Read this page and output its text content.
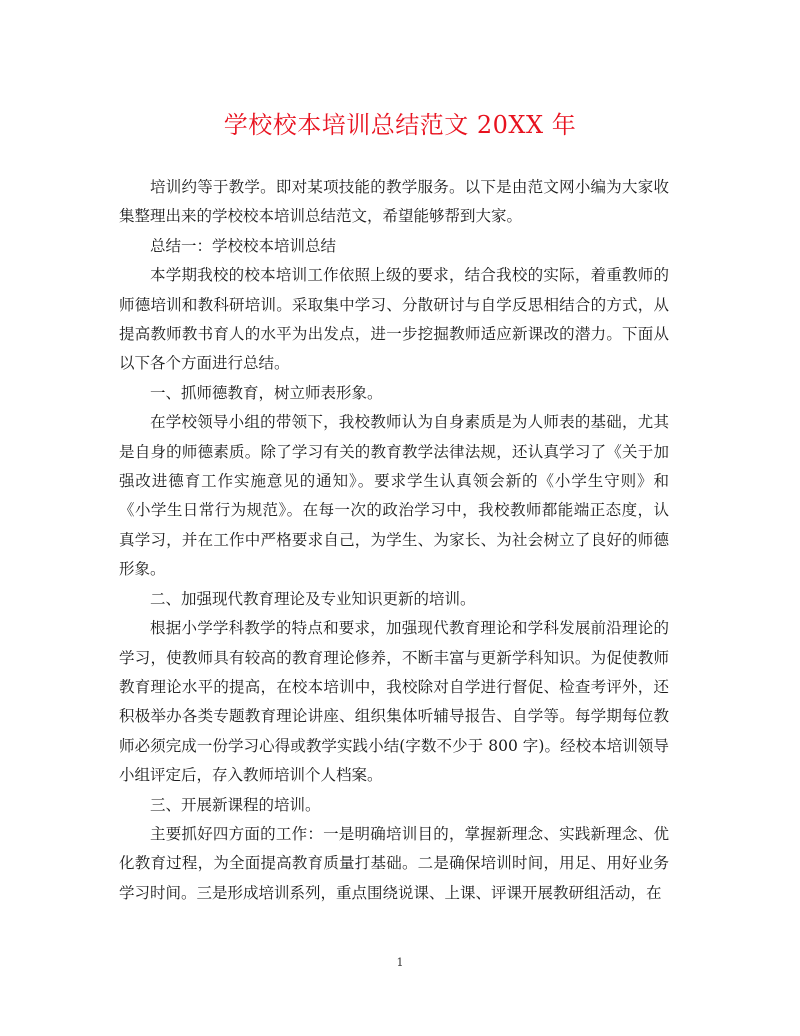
学校校本培训总结范文 20XX 年

培训约等于教学。即对某项技能的教学服务。以下是由范文网小编为大家收集整理出来的学校校本培训总结范文，希望能够帮到大家。

总结一：学校校本培训总结

本学期我校的校本培训工作依照上级的要求，结合我校的实际，着重教师的师德培训和教科研培训。采取集中学习、分散研讨与自学反思相结合的方式，从提高教师教书育人的水平为出发点，进一步挖掘教师适应新课改的潜力。下面从以下各个方面进行总结。

一、抓师德教育，树立师表形象。

在学校领导小组的带领下，我校教师认为自身素质是为人师表的基础，尤其是自身的师德素质。除了学习有关的教育教学法律法规，还认真学习了《关于加强改进德育工作实施意见的通知》。要求学生认真领会新的《小学生守则》和《小学生日常行为规范》。在每一次的政治学习中，我校教师都能端正态度，认真学习，并在工作中严格要求自己，为学生、为家长、为社会树立了良好的师德形象。

二、加强现代教育理论及专业知识更新的培训。

根据小学学科教学的特点和要求，加强现代教育理论和学科发展前沿理论的学习，使教师具有较高的教育理论修养，不断丰富与更新学科知识。为促使教师教育理论水平的提高，在校本培训中，我校除对自学进行督促、检查考评外，还积极举办各类专题教育理论讲座、组织集体听辅导报告、自学等。每学期每位教师必须完成一份学习心得或教学实践小结(字数不少于 800 字)。经校本培训领导小组评定后，存入教师培训个人档案。

三、开展新课程的培训。

主要抓好四方面的工作：一是明确培训目的，掌握新理念、实践新理念、优化教育过程，为全面提高教育质量打基础。二是确保培训时间，用足、用好业务学习时间。三是形成培训系列，重点围绕说课、上课、评课开展教研组活动，在

1
